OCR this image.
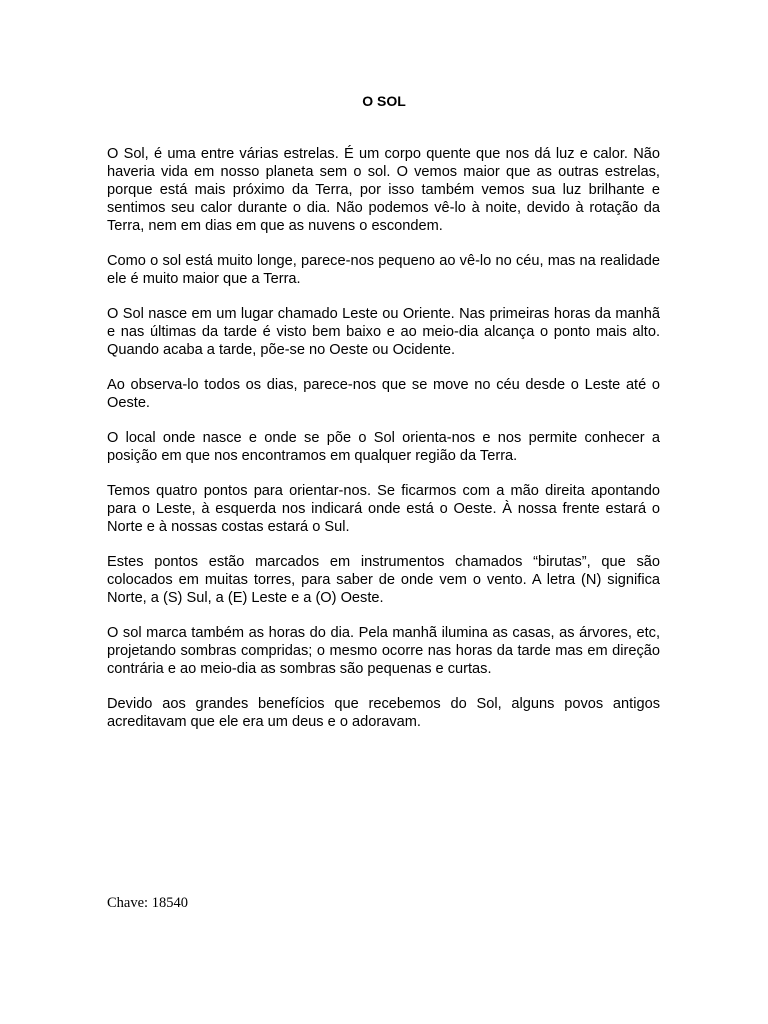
O SOL

O Sol, é uma entre várias estrelas. É um corpo quente que nos dá luz e calor. Não haveria vida em nosso planeta sem o sol. O vemos maior que as outras estrelas, porque está mais próximo da Terra, por isso também vemos sua luz brilhante e sentimos seu calor durante o dia. Não podemos vê-lo à noite, devido à rotação da Terra, nem em dias em que as nuvens o escondem.

Como o sol está muito longe, parece-nos pequeno ao vê-lo no céu, mas na realidade ele é muito maior que a Terra.

O Sol nasce em um lugar chamado Leste ou Oriente. Nas primeiras horas da manhã e nas últimas da tarde é visto bem baixo e ao meio-dia alcança o ponto mais alto. Quando acaba a tarde, põe-se no Oeste ou Ocidente.

Ao observa-lo todos os dias, parece-nos que se move no céu desde o Leste até o Oeste.

O local onde nasce e onde se põe o Sol orienta-nos e nos permite conhecer a posição em que nos encontramos em qualquer região da Terra.

Temos quatro pontos para orientar-nos. Se ficarmos com a mão direita apontando para o Leste, à esquerda nos indicará onde está o Oeste. À nossa frente estará o Norte e à nossas costas estará o Sul.

Estes pontos estão marcados em instrumentos chamados “birutas”, que são colocados em muitas torres, para saber de onde vem o vento. A letra (N) significa Norte, a (S) Sul, a (E) Leste e a (O) Oeste.

O sol marca também as horas do dia. Pela manhã ilumina as casas, as árvores, etc, projetando sombras compridas; o mesmo ocorre nas horas da tarde mas em direção contrária e ao meio-dia as sombras são pequenas e curtas.

Devido aos grandes benefícios que recebemos do Sol, alguns povos antigos acreditavam que ele era um deus e o adoravam.

Chave: 18540
